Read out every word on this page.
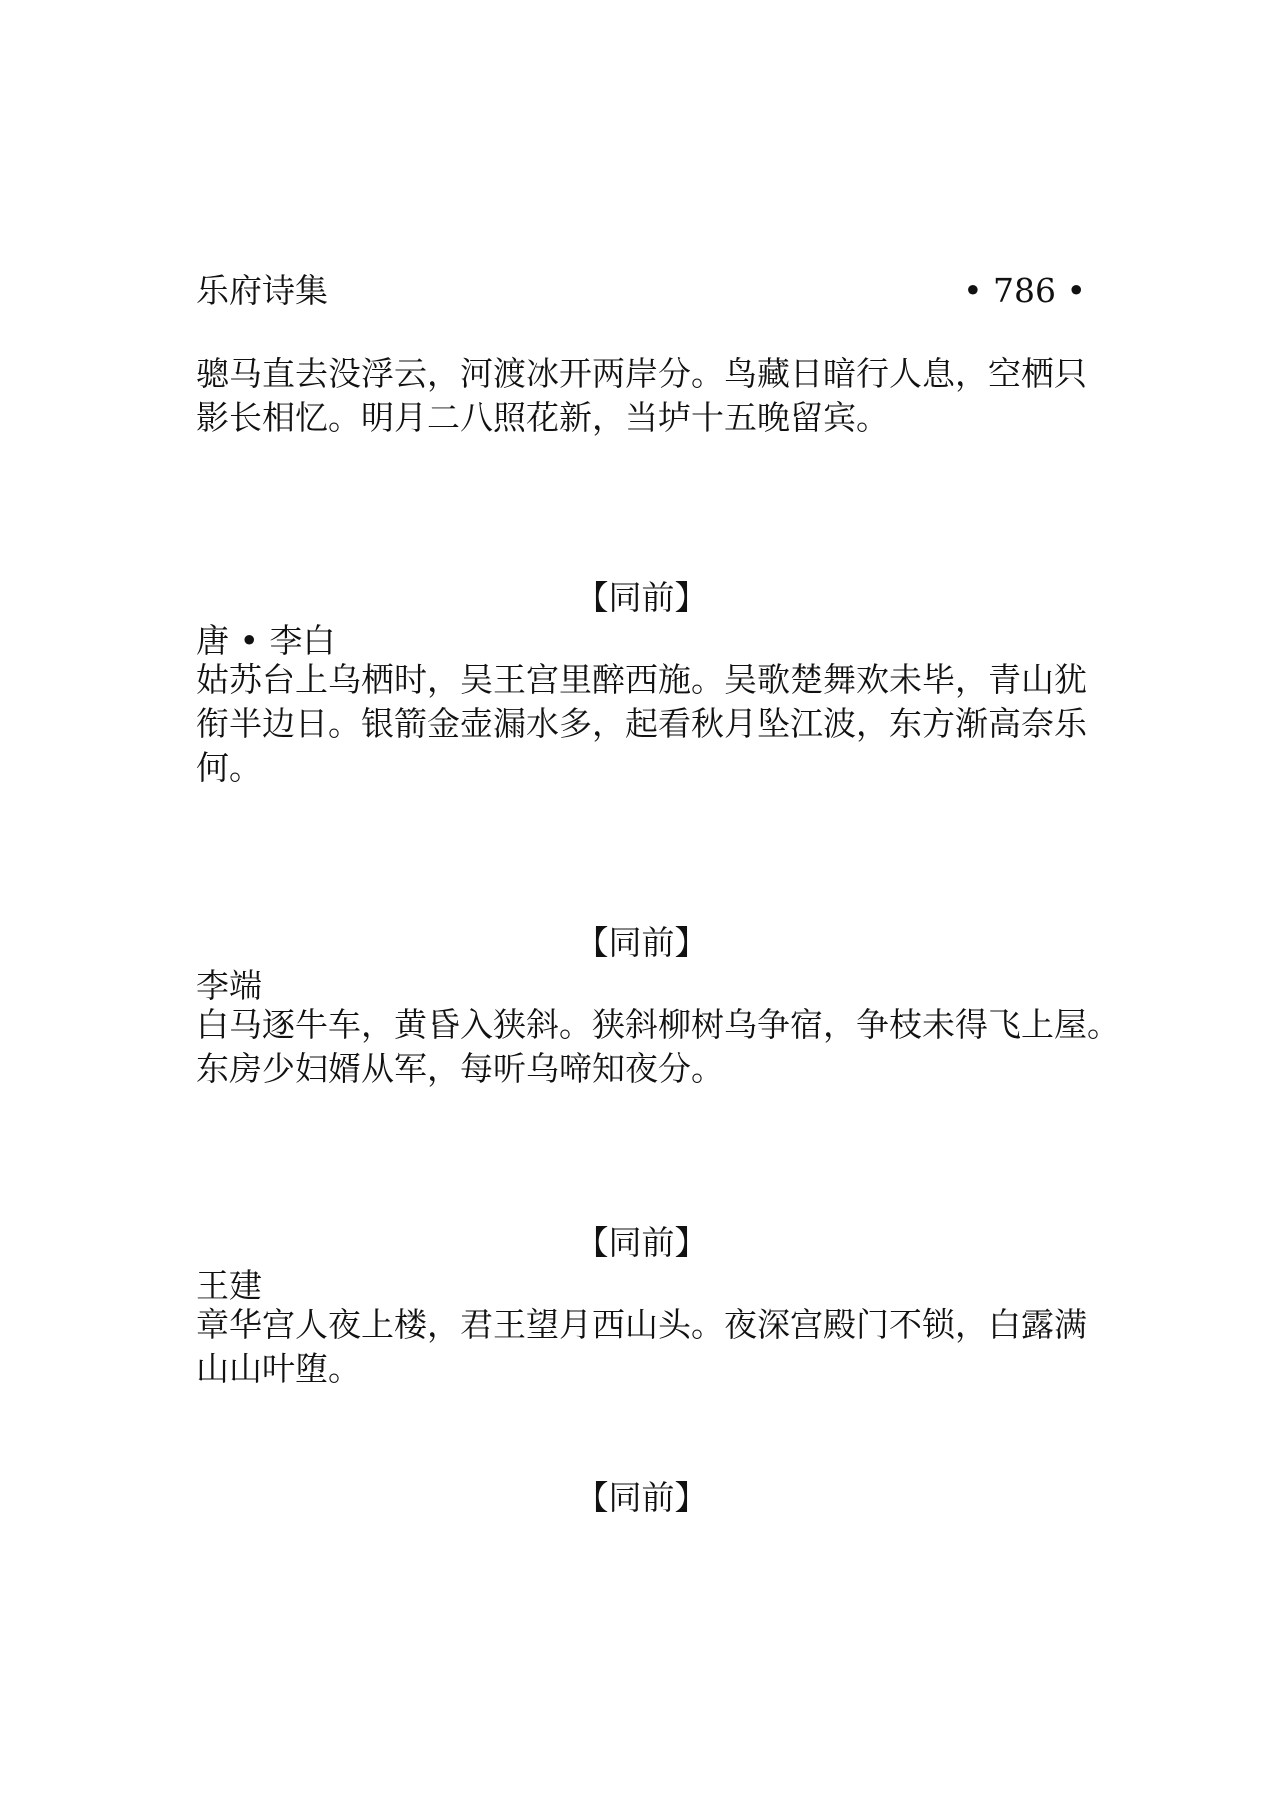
乐府诗集	• 786 •

骢马直去没浮云，河渡冰开两岸分。鸟藏日暗行人息，空栖只
影长相忆。明月二八照花新，当垆十五晚留宾。

【同前】

唐 • 李白

姑苏台上乌栖时，吴王宫里醉西施。吴歌楚舞欢未毕，青山犹
衔半边日。银箭金壶漏水多，起看秋月坠江波，东方渐高奈乐
何。

【同前】

李端

白马逐牛车，黄昏入狭斜。狭斜柳树乌争宿，争枝未得飞上屋。
东房少妇婿从军，每听乌啼知夜分。

【同前】

王建

章华宫人夜上楼，君王望月西山头。夜深宫殿门不锁，白露满
山山叶堕。

【同前】
